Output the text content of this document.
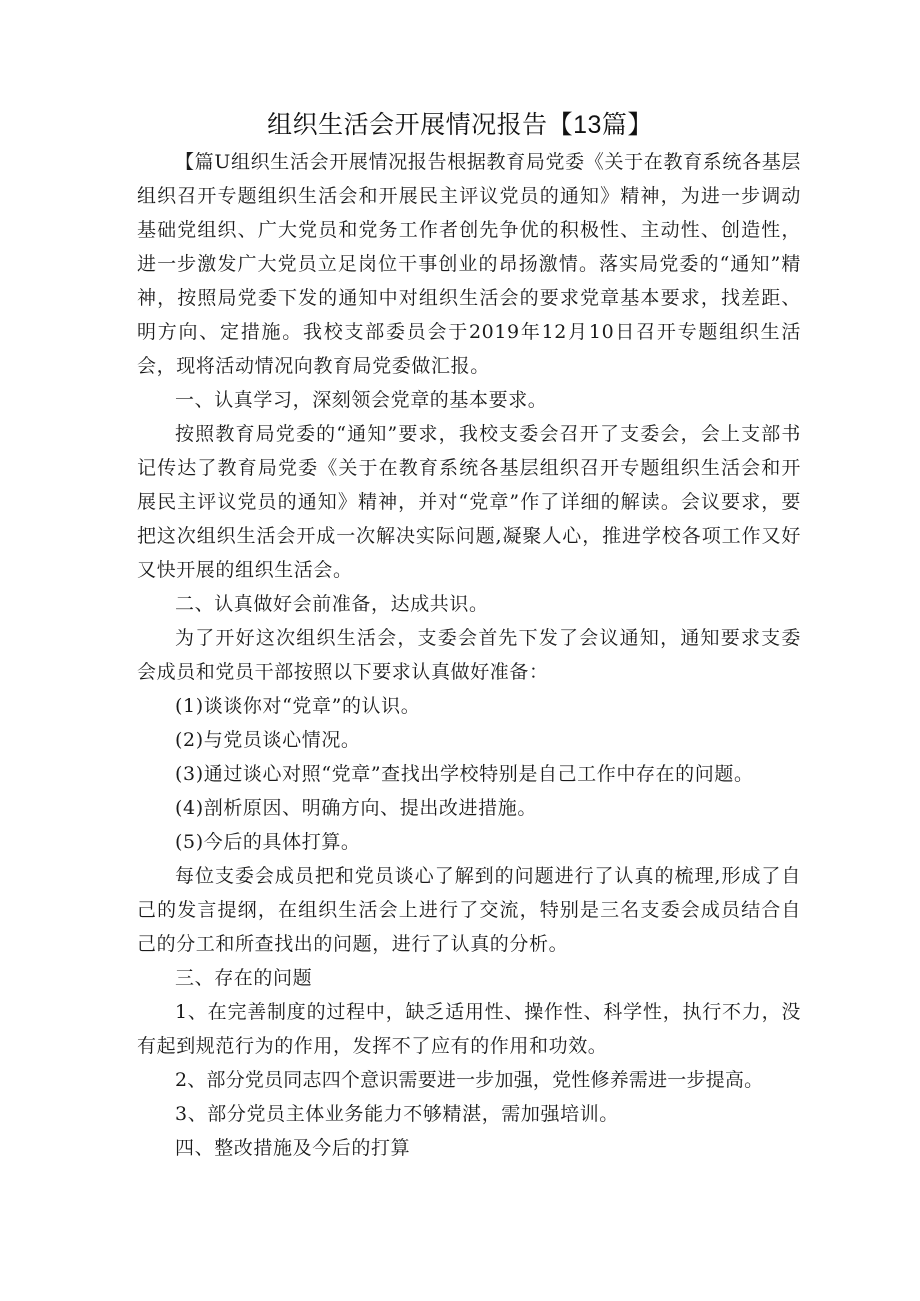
组织生活会开展情况报告【13篇】

【篇U组织生活会开展情况报告根据教育局党委《关于在教育系统各基层组织召开专题组织生活会和开展民主评议党员的通知》精神，为进一步调动基础党组织、广大党员和党务工作者创先争优的积极性、主动性、创造性，进一步激发广大党员立足岗位干事创业的昂扬激情。落实局党委的“通知”精神，按照局党委下发的通知中对组织生活会的要求党章基本要求，找差距、明方向、定措施。我校支部委员会于2019年12月10日召开专题组织生活会，现将活动情况向教育局党委做汇报。

一、认真学习，深刻领会党章的基本要求。

按照教育局党委的“通知”要求，我校支委会召开了支委会，会上支部书记传达了教育局党委《关于在教育系统各基层组织召开专题组织生活会和开展民主评议党员的通知》精神，并对“党章”作了详细的解读。会议要求，要把这次组织生活会开成一次解决实际问题,凝聚人心，推进学校各项工作又好又快开展的组织生活会。

二、认真做好会前准备，达成共识。

为了开好这次组织生活会，支委会首先下发了会议通知，通知要求支委会成员和党员干部按照以下要求认真做好准备：

(1)谈谈你对“党章”的认识。

(2)与党员谈心情况。

(3)通过谈心对照“党章”查找出学校特别是自己工作中存在的问题。

(4)剖析原因、明确方向、提出改进措施。

(5)今后的具体打算。

每位支委会成员把和党员谈心了解到的问题进行了认真的梳理,形成了自己的发言提纲，在组织生活会上进行了交流，特别是三名支委会成员结合自己的分工和所查找出的问题，进行了认真的分析。

三、存在的问题

1、在完善制度的过程中，缺乏适用性、操作性、科学性，执行不力，没有起到规范行为的作用，发挥不了应有的作用和功效。

2、部分党员同志四个意识需要进一步加强，党性修养需进一步提高。

3、部分党员主体业务能力不够精湛，需加强培训。

四、整改措施及今后的打算
